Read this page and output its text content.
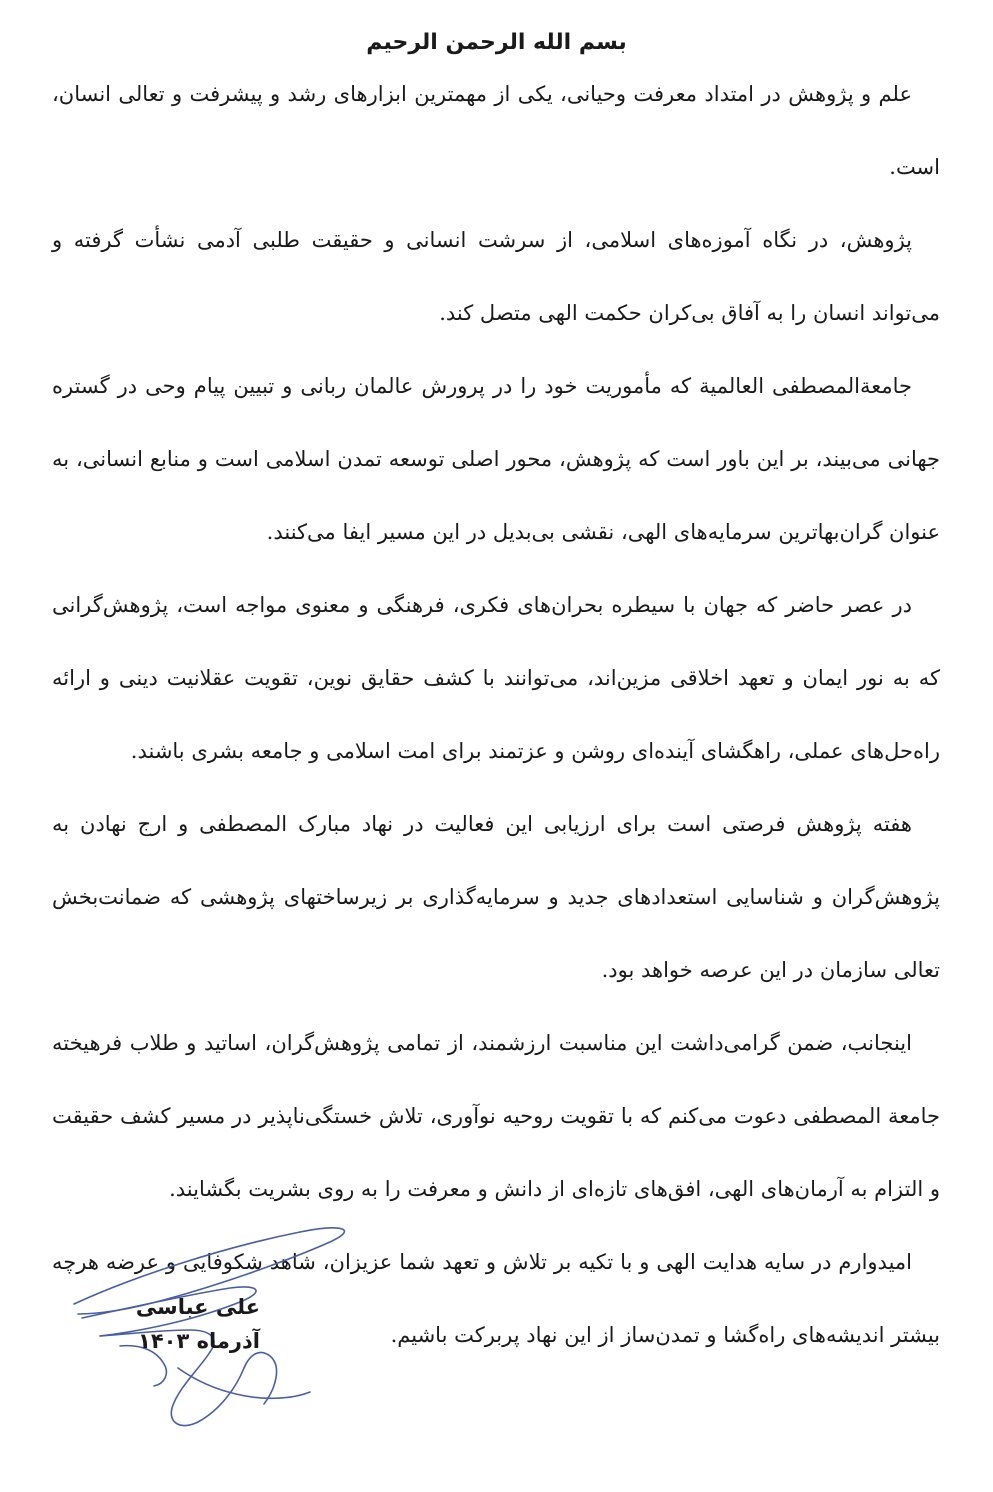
بسم الله الرحمن الرحیم

علم و پژوهش در امتداد معرفت وحیانی، یکی از مهمترین ابزارهای رشد و پیشرفت و تعالی انسان، است.

پژوهش، در نگاه آموزه‌های اسلامی، از سرشت انسانی و حقیقت طلبی آدمی نشأت گرفته و می‌تواند انسان را به آفاق بی‌کران حکمت الهی متصل کند.

جامعةالمصطفی العالمیة که مأموریت خود را در پرورش عالمان ربانی و تبیین پیام وحی در گستره جهانی می‌بیند، بر این باور است که پژوهش، محور اصلی توسعه تمدن اسلامی است و منابع انسانی، به عنوان گران‌بهاترین سرمایه‌های الهی، نقشی بی‌بدیل در این مسیر ایفا می‌کنند.

در عصر حاضر که جهان با سیطره بحران‌های فکری، فرهنگی و معنوی مواجه است، پژوهش‌گرانی که به نور ایمان و تعهد اخلاقی مزین‌اند، می‌توانند با کشف حقایق نوین، تقویت عقلانیت دینی و ارائه راه‌حل‌های عملی، راهگشای آینده‌ای روشن و عزتمند برای امت اسلامی و جامعه بشری باشند.

هفته پژوهش فرصتی است برای ارزیابی این فعالیت در نهاد مبارک المصطفی و ارج نهادن به پژوهش‌گران و شناسایی استعدادهای جدید و سرمایه‌گذاری بر زیرساختهای پژوهشی که ضمانت‌بخش تعالی سازمان در این عرصه خواهد بود.

اینجانب، ضمن گرامی‌داشت این مناسبت ارزشمند، از تمامی پژوهش‌گران، اساتید و طلاب فرهیخته جامعة المصطفی دعوت می‌کنم که با تقویت روحیه نوآوری، تلاش خستگی‌ناپذیر در مسیر کشف حقیقت و التزام به آرمان‌های الهی، افق‌های تازه‌ای از دانش و معرفت را به روی بشریت بگشایند.

امیدوارم در سایه هدایت الهی و با تکیه بر تلاش و تعهد شما عزیزان، شاهد شکوفایی و عرضه هرچه بیشتر اندیشه‌های راه‌گشا و تمدن‌ساز از این نهاد پربرکت باشیم.

علی عباسی
آذرماه ۱۴۰۳
